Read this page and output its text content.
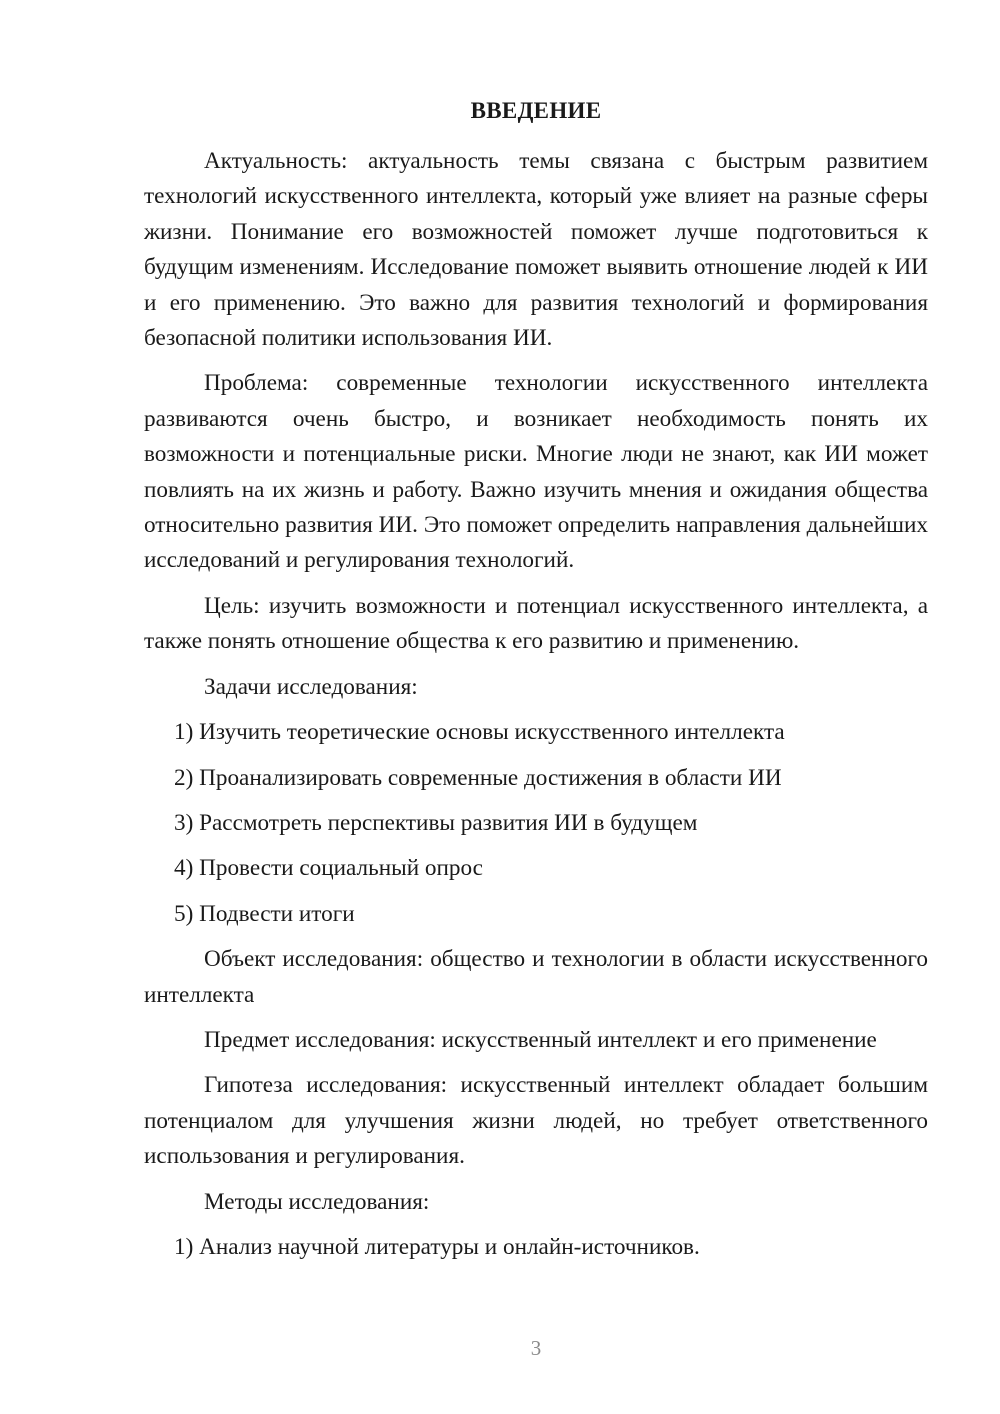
ВВЕДЕНИЕ

Актуальность: актуальность темы связана с быстрым развитием технологий искусственного интеллекта, который уже влияет на разные сферы жизни. Понимание его возможностей поможет лучше подготовиться к будущим изменениям. Исследование поможет выявить отношение людей к ИИ и его применению. Это важно для развития технологий и формирования безопасной политики использования ИИ.

Проблема: современные технологии искусственного интеллекта развиваются очень быстро, и возникает необходимость понять их возможности и потенциальные риски. Многие люди не знают, как ИИ может повлиять на их жизнь и работу. Важно изучить мнения и ожидания общества относительно развития ИИ. Это поможет определить направления дальнейших исследований и регулирования технологий.

Цель: изучить возможности и потенциал искусственного интеллекта, а также понять отношение общества к его развитию и применению.

Задачи исследования:

1) Изучить теоретические основы искусственного интеллекта

2) Проанализировать современные достижения в области ИИ

3) Рассмотреть перспективы развития ИИ в будущем

4) Провести социальный опрос

5) Подвести итоги

Объект исследования: общество и технологии в области искусственного интеллекта

Предмет исследования: искусственный интеллект и его применение

Гипотеза исследования: искусственный интеллект обладает большим потенциалом для улучшения жизни людей, но требует ответственного использования и регулирования.

Методы исследования:

1) Анализ научной литературы и онлайн-источников.

3
